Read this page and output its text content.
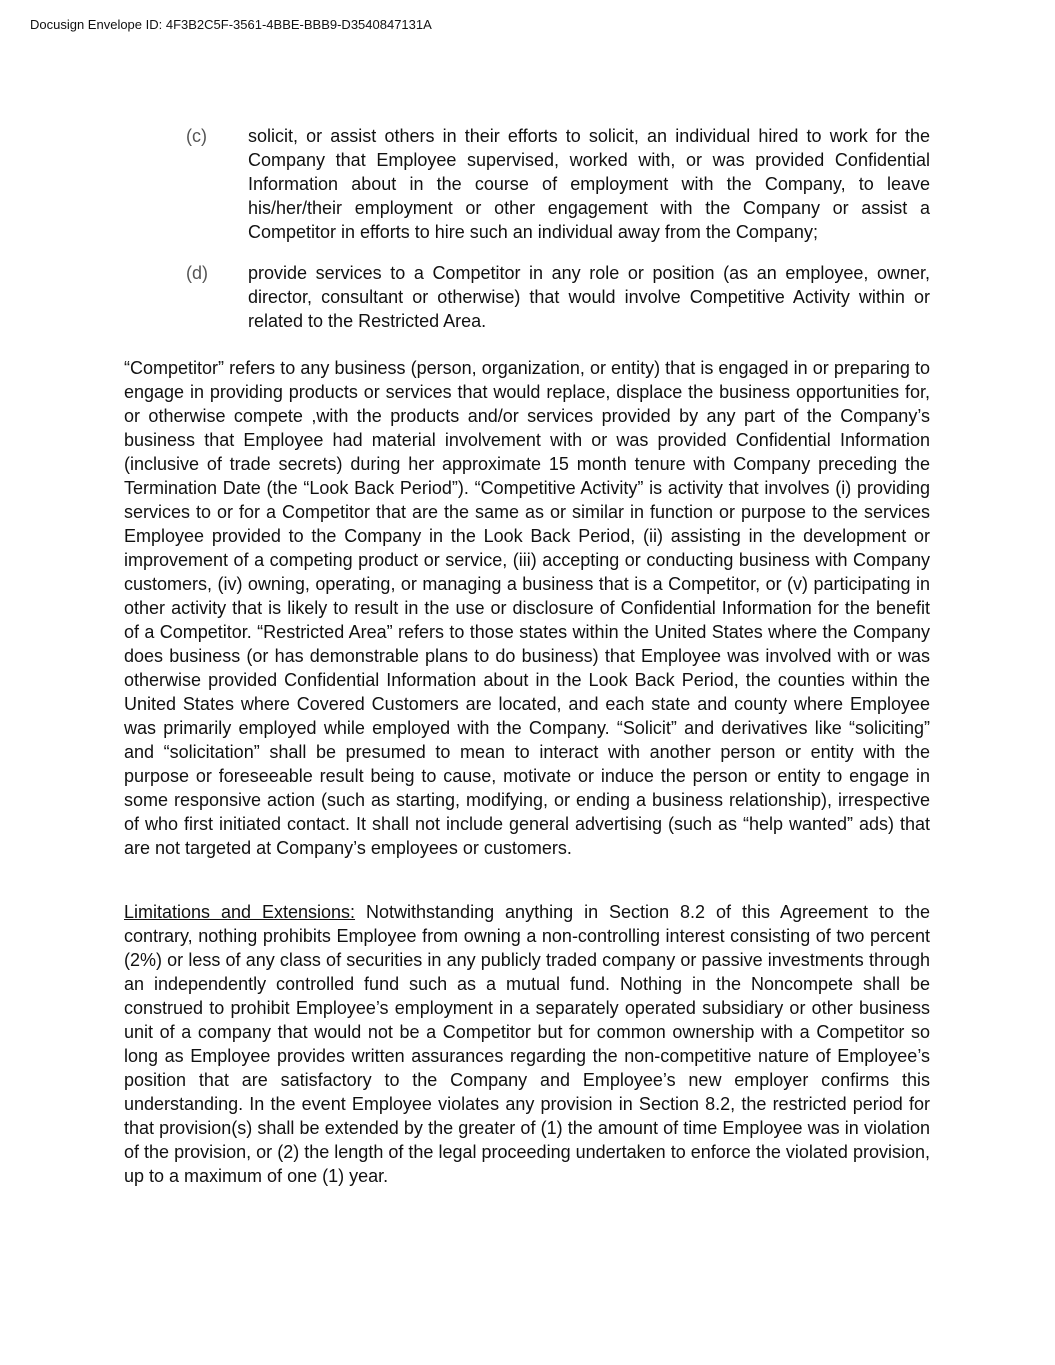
Docusign Envelope ID: 4F3B2C5F-3561-4BBE-BBB9-D3540847131A
(c)	solicit, or assist others in their efforts to solicit, an individual hired to work for the Company that Employee supervised, worked with, or was provided Confidential Information about in the course of employment with the Company, to leave his/her/their employment or other engagement with the Company or assist a Competitor in efforts to hire such an individual away from the Company;
(d)	provide services to a Competitor in any role or position (as an employee, owner, director, consultant or otherwise) that would involve Competitive Activity within or related to the Restricted Area.

“Competitor” refers to any business (person, organization, or entity) that is engaged in or preparing to engage in providing products or services that would replace, displace the business opportunities for, or otherwise compete ,with the products and/or services provided by any part of the Company’s business that Employee had material involvement with or was provided Confidential Information (inclusive of trade secrets) during her approximate 15 month tenure with Company preceding the Termination Date (the “Look Back Period”). “Competitive Activity” is activity that involves (i) providing services to or for a Competitor that are the same as or similar in function or purpose to the services Employee provided to the Company in the Look Back Period, (ii) assisting in the development or improvement of a competing product or service, (iii) accepting or conducting business with Company customers, (iv) owning, operating, or managing a business that is a Competitor, or (v) participating in other activity that is likely to result in the use or disclosure of Confidential Information for the benefit of a Competitor. “Restricted Area” refers to those states within the United States where the Company does business (or has demonstrable plans to do business) that Employee was involved with or was otherwise provided Confidential Information about in the Look Back Period, the counties within the United States where Covered Customers are located, and each state and county where Employee was primarily employed while employed with the Company. “Solicit” and derivatives like “soliciting” and “solicitation” shall be presumed to mean to interact with another person or entity with the purpose or foreseeable result being to cause, motivate or induce the person or entity to engage in some responsive action (such as starting, modifying, or ending a business relationship), irrespective of who first initiated contact. It shall not include general advertising (such as “help wanted” ads) that are not targeted at Company’s employees or customers.

Limitations and Extensions: Notwithstanding anything in Section 8.2 of this Agreement to the contrary, nothing prohibits Employee from owning a non-controlling interest consisting of two percent (2%) or less of any class of securities in any publicly traded company or passive investments through an independently controlled fund such as a mutual fund. Nothing in the Noncompete shall be construed to prohibit Employee’s employment in a separately operated subsidiary or other business unit of a company that would not be a Competitor but for common ownership with a Competitor so long as Employee provides written assurances regarding the non-competitive nature of Employee’s position that are satisfactory to the Company and Employee’s new employer confirms this understanding. In the event Employee violates any provision in Section 8.2, the restricted period for that provision(s) shall be extended by the greater of (1) the amount of time Employee was in violation of the provision, or (2) the length of the legal proceeding undertaken to enforce the violated provision, up to a maximum of one (1) year.
